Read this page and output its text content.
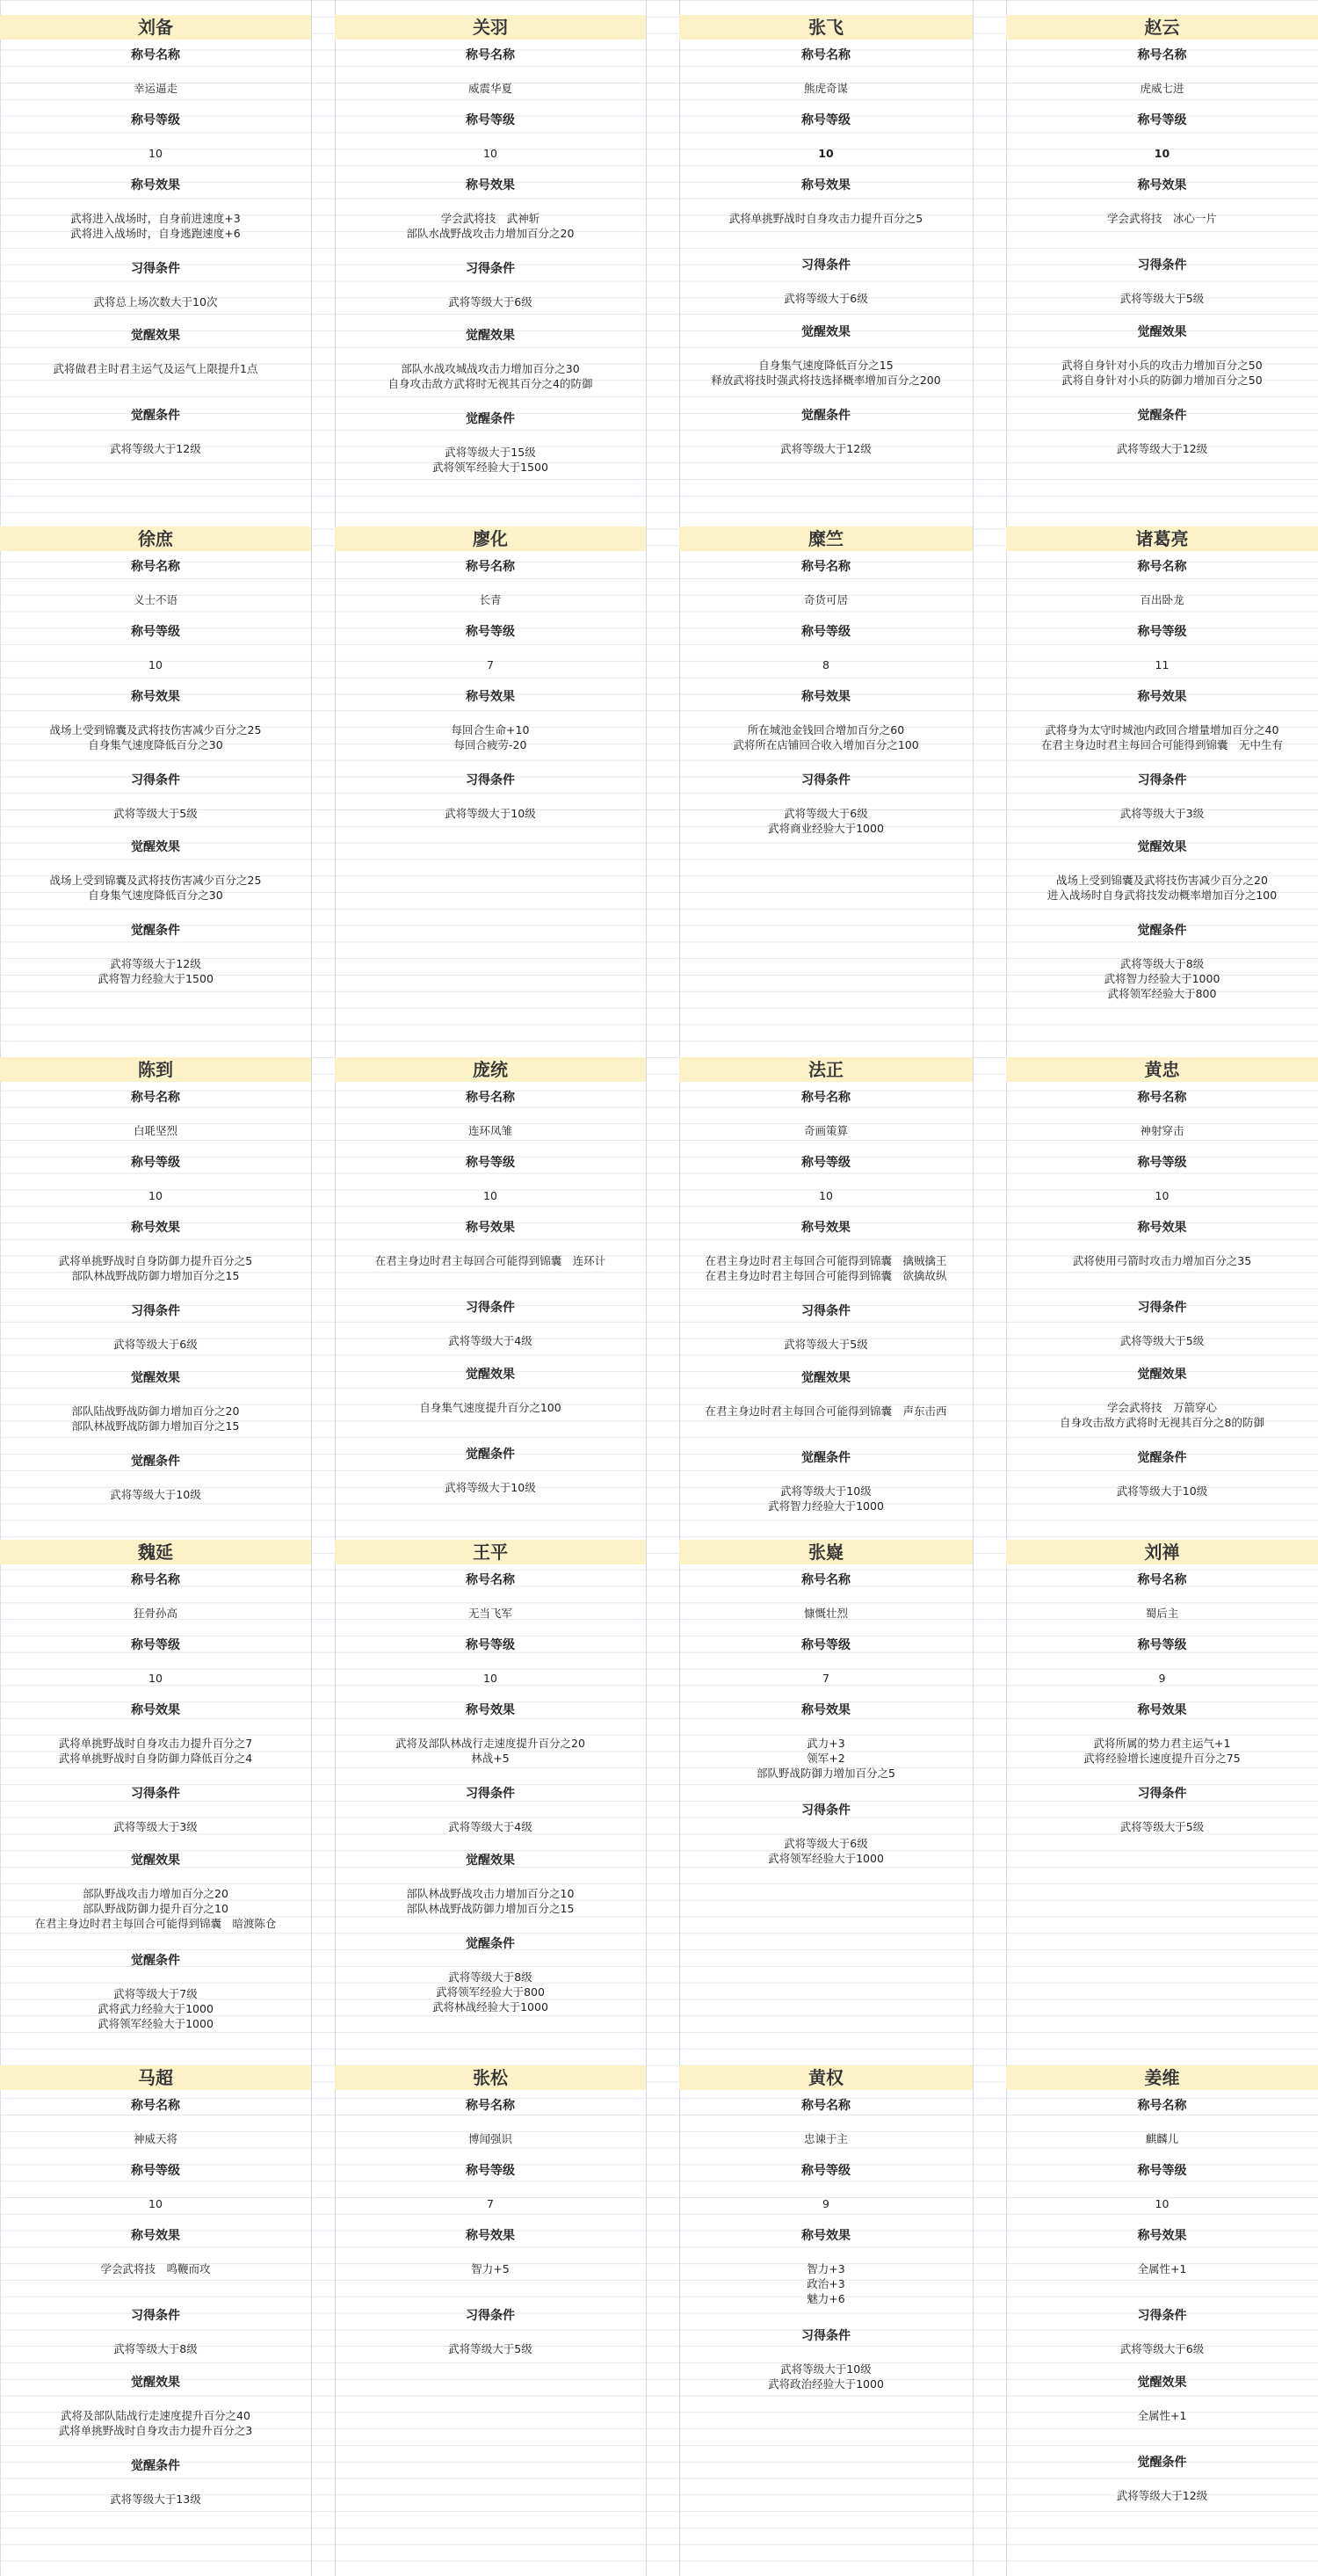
刘备
称号名称
幸运逼走
称号等级
10
称号效果
武将进入战场时，自身前进速度+3
武将进入战场时，自身逃跑速度+6
习得条件
武将总上场次数大于10次
觉醒效果
武将做君主时君主运气及运气上限提升1点
觉醒条件
武将等级大于12级
关羽
称号名称
威震华夏
称号等级
10
称号效果
学会武将技　武神斩
部队水战野战攻击力增加百分之20
习得条件
武将等级大于6级
觉醒效果
部队水战攻城战攻击力增加百分之30
自身攻击敌方武将时无视其百分之4的防御
觉醒条件
武将等级大于15级
武将领军经验大于1500
张飞
称号名称
熊虎奇谋
称号等级
10
称号效果
武将单挑野战时自身攻击力提升百分之5
习得条件
武将等级大于6级
觉醒效果
自身集气速度降低百分之15
释放武将技时强武将技选择概率增加百分之200
觉醒条件
武将等级大于12级
赵云
称号名称
虎威七进
称号等级
10
称号效果
学会武将技　冰心一片
习得条件
武将等级大于5级
觉醒效果
武将自身针对小兵的攻击力增加百分之50
武将自身针对小兵的防御力增加百分之50
觉醒条件
武将等级大于12级
徐庶
称号名称
义士不语
称号等级
10
称号效果
战场上受到锦囊及武将技伤害减少百分之25
自身集气速度降低百分之30
习得条件
武将等级大于5级
觉醒效果
战场上受到锦囊及武将技伤害减少百分之25
自身集气速度降低百分之30
觉醒条件
武将等级大于12级
武将智力经验大于1500
廖化
称号名称
长青
称号等级
7
称号效果
每回合生命+10
每回合疲劳-20
习得条件
武将等级大于10级
糜竺
称号名称
奇货可居
称号等级
8
称号效果
所在城池金钱回合增加百分之60
武将所在店铺回合收入增加百分之100
习得条件
武将等级大于6级
武将商业经验大于1000
诸葛亮
称号名称
百出卧龙
称号等级
11
称号效果
武将身为太守时城池内政回合增量增加百分之40
在君主身边时君主每回合可能得到锦囊　无中生有
习得条件
武将等级大于3级
觉醒效果
战场上受到锦囊及武将技伤害减少百分之20
进入战场时自身武将技发动概率增加百分之100
觉醒条件
武将等级大于8级
武将智力经验大于1000
武将领军经验大于800
陈到
称号名称
白毦坚烈
称号等级
10
称号效果
武将单挑野战时自身防御力提升百分之5
部队林战野战防御力增加百分之15
习得条件
武将等级大于6级
觉醒效果
部队陆战野战防御力增加百分之20
部队林战野战防御力增加百分之15
觉醒条件
武将等级大于10级
庞统
称号名称
连环凤雏
称号等级
10
称号效果
在君主身边时君主每回合可能得到锦囊　连环计
习得条件
武将等级大于4级
觉醒效果
自身集气速度提升百分之100
觉醒条件
武将等级大于10级
法正
称号名称
奇画策算
称号等级
10
称号效果
在君主身边时君主每回合可能得到锦囊　擒贼擒王
在君主身边时君主每回合可能得到锦囊　欲擒故纵
习得条件
武将等级大于5级
觉醒效果
在君主身边时君主每回合可能得到锦囊　声东击西
觉醒条件
武将等级大于10级
武将智力经验大于1000
黄忠
称号名称
神射穿击
称号等级
10
称号效果
武将使用弓箭时攻击力增加百分之35
习得条件
武将等级大于5级
觉醒效果
学会武将技　万箭穿心
自身攻击敌方武将时无视其百分之8的防御
觉醒条件
武将等级大于10级
魏延
称号名称
狂骨孙高
称号等级
10
称号效果
武将单挑野战时自身攻击力提升百分之7
武将单挑野战时自身防御力降低百分之4
习得条件
武将等级大于3级
觉醒效果
部队野战攻击力增加百分之20
部队野战防御力提升百分之10
在君主身边时君主每回合可能得到锦囊　暗渡陈仓
觉醒条件
武将等级大于7级
武将武力经验大于1000
武将领军经验大于1000
王平
称号名称
无当飞军
称号等级
10
称号效果
武将及部队林战行走速度提升百分之20
林战+5
习得条件
武将等级大于4级
觉醒效果
部队林战野战攻击力增加百分之10
部队林战野战防御力增加百分之15
觉醒条件
武将等级大于8级
武将领军经验大于800
武将林战经验大于1000
张嶷
称号名称
慷慨壮烈
称号等级
7
称号效果
武力+3
领军+2
部队野战防御力增加百分之5
习得条件
武将等级大于6级
武将领军经验大于1000
刘禅
称号名称
蜀后主
称号等级
9
称号效果
武将所属的势力君主运气+1
武将经验增长速度提升百分之75
习得条件
武将等级大于5级
马超
称号名称
神威天将
称号等级
10
称号效果
学会武将技　鸣鞭而攻
习得条件
武将等级大于8级
觉醒效果
武将及部队陆战行走速度提升百分之40
武将单挑野战时自身攻击力提升百分之3
觉醒条件
武将等级大于13级
张松
称号名称
博闻强识
称号等级
7
称号效果
智力+5
习得条件
武将等级大于5级
黄权
称号名称
忠谏于主
称号等级
9
称号效果
智力+3
政治+3
魅力+6
习得条件
武将等级大于10级
武将政治经验大于1000
姜维
称号名称
麒麟儿
称号等级
10
称号效果
全属性+1
习得条件
武将等级大于6级
觉醒效果
全属性+1
觉醒条件
武将等级大于12级
